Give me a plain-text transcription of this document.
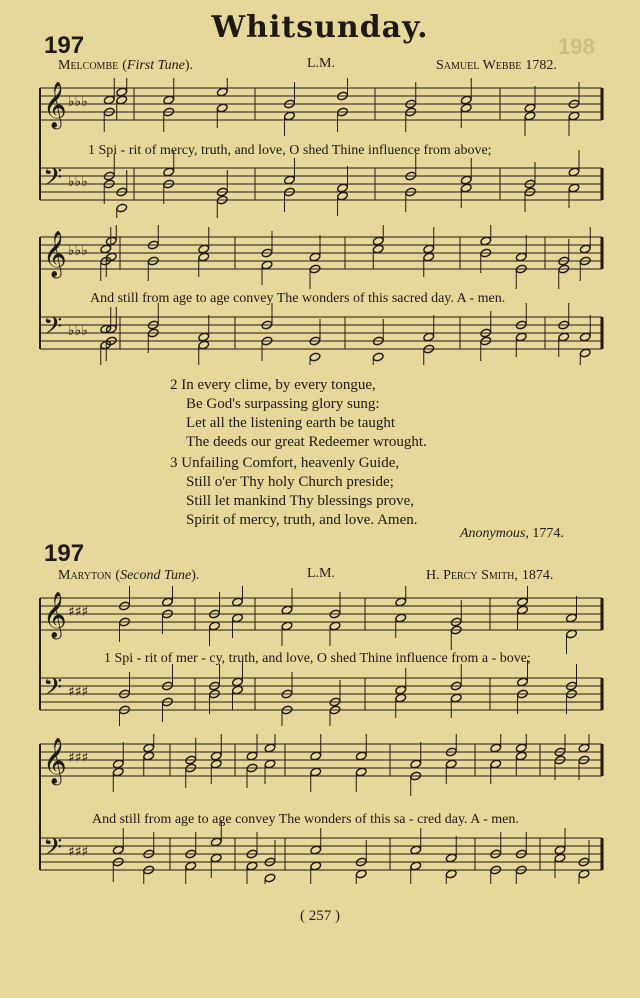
Whitsunday.
198
197
Melcombe (First Tune).	L.M.	Samuel Webbe 1782.
𝄞 ♭♭♭
𝄢 ♭♭♭
1 Spi - rit of mercy, truth, and love, O shed Thine influence from above;
𝄞 ♭♭♭
𝄢 ♭♭♭
And still from age to age convey The wonders of this sacred day. A - men.
2 In every clime, by every tongue,
Be God's surpassing glory sung:
Let all the listening earth be taught
The deeds our great Redeemer wrought.
3 Unfailing Comfort, heavenly Guide,
Still o'er Thy holy Church preside;
Still let mankind Thy blessings prove,
Spirit of mercy, truth, and love. Amen.
Anonymous, 1774.
197
Maryton (Second Tune).	L.M.	H. Percy Smith, 1874.
𝄞 ♯♯♯
𝄢 ♯♯♯
1 Spi - rit of mer - cy, truth, and love, O shed Thine influence from a - bove;
𝄞 ♯♯♯
𝄢 ♯♯♯
And still from age to age convey The wonders of this sa - cred day. A - men.
( 257 )
